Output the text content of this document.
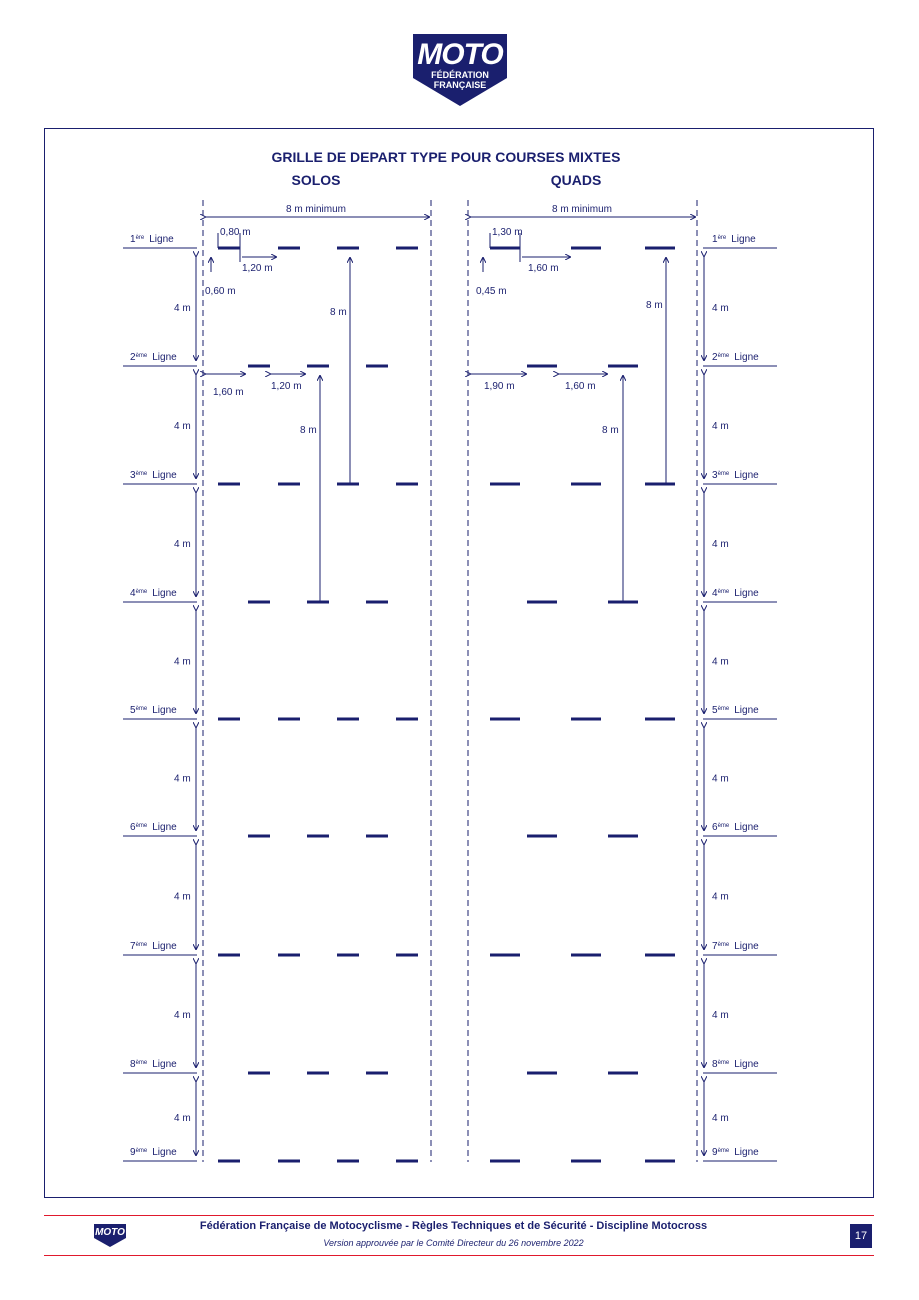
MOTO
FÉDÉRATION
FRANÇAISE
GRILLE DE DEPART TYPE POUR COURSES MIXTES
SOLOS	QUADS
8 m minimum	8 m minimum
1ère Ligne	1ère Ligne
4 m	4 m
2ème Ligne	2ème Ligne
4 m	4 m
3ème Ligne	3ème Ligne
4 m	4 m
4ème Ligne	4ème Ligne
4 m	4 m
5ème Ligne	5ème Ligne
4 m	4 m
6ème Ligne	6ème Ligne
4 m	4 m
7ème Ligne	7ème Ligne
4 m	4 m
8ème Ligne	8ème Ligne
4 m	4 m
9ème Ligne	9ème Ligne
0,80 m
1,20 m
0,60 m
8 m
1,60 m
1,20 m
8 m
1,30 m
1,60 m
0,45 m
8 m
1,90 m	1,60 m
8 m
MOTO
Fédération Française de Motocyclisme - Règles Techniques et de Sécurité - Discipline Motocross
Version approuvée par le Comité Directeur du 26 novembre 2022
17
